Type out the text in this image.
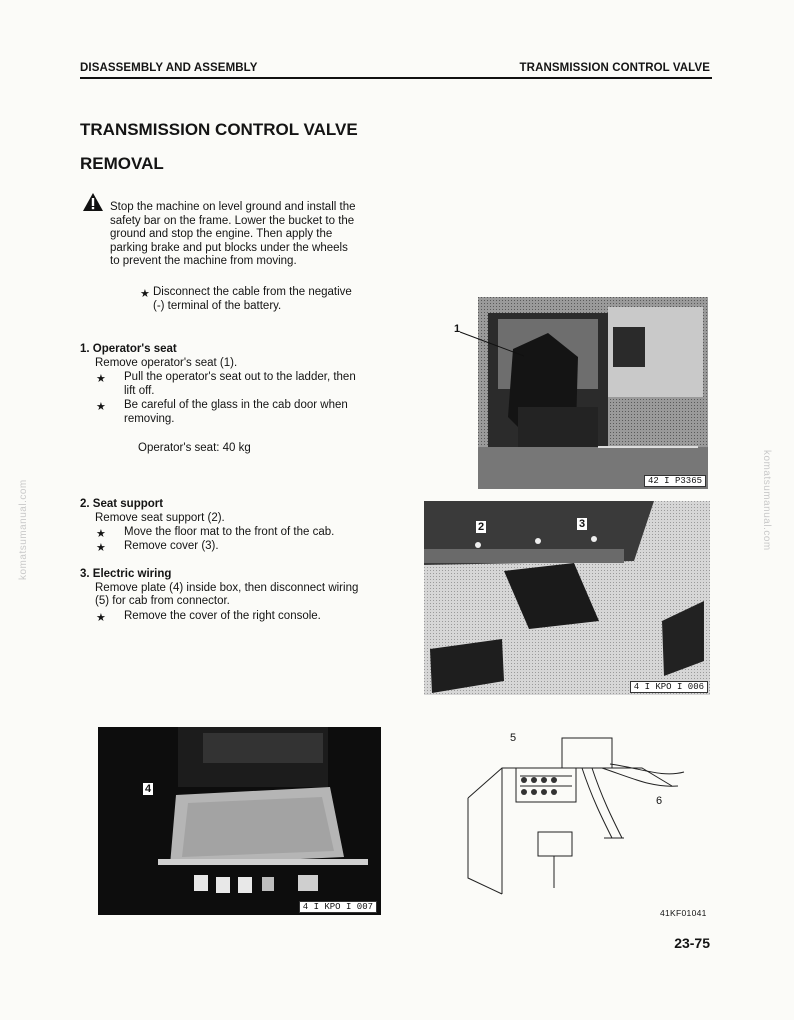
DISASSEMBLY AND ASSEMBLY	TRANSMISSION CONTROL VALVE
komatsumanual.com	komatsumanual.com
TRANSMISSION CONTROL VALVE
REMOVAL
Stop the machine on level ground and install the
safety bar on the frame. Lower the bucket to the
ground and stop the engine. Then apply the
parking brake and put blocks under the wheels
to prevent the machine from moving.
★ Disconnect the cable from the negative
(-) terminal of the battery.
1. Operator's seat
Remove operator's seat (1).
★ Pull the operator's seat out to the ladder, then
lift off.
★ Be careful of the glass in the cab door when
removing.
Operator's seat: 40 kg
2. Seat support
Remove seat support (2).
★ Move the floor mat to the front of the cab.
★ Remove cover (3).
3. Electric wiring
Remove plate (4) inside box, then disconnect wiring
(5) for cab from connector.
★ Remove the cover of the right console.
42 I P3365
1
4 I KPO I 006
2	3
4 I KPO I 007
4
5
6
41KF01041
23-75
